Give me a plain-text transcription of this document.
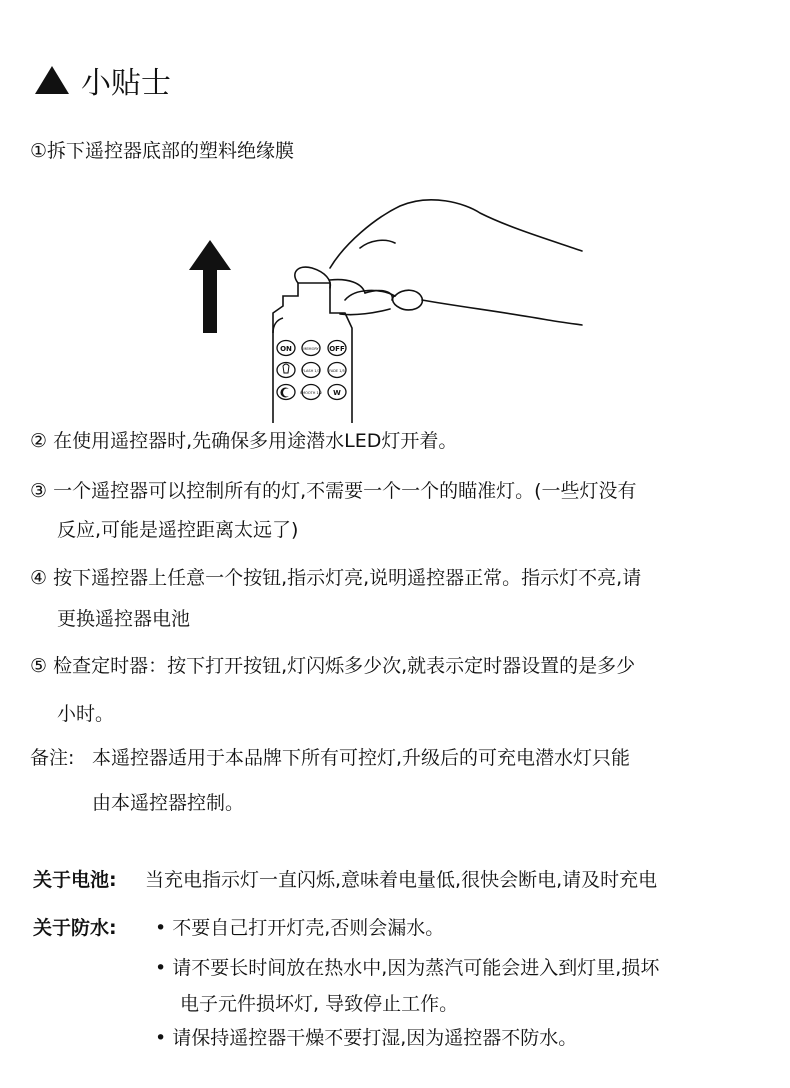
小贴士
①拆下遥控器底部的塑料绝缘膜
ON	MEMORY OFF
FLASH 1/3	FADE 1/5
SMOOTH 1/2 W
② 在使用遥控器时,先确保多用途潜水LED灯开着。
③ 一个遥控器可以控制所有的灯,不需要一个一个的瞄准灯。(一些灯没有
反应,可能是遥控距离太远了)
④ 按下遥控器上任意一个按钮,指示灯亮,说明遥控器正常。指示灯不亮,请
更换遥控器电池
⑤ 检查定时器：按下打开按钮,灯闪烁多少次,就表示定时器设置的是多少
小时。
备注: 本遥控器适用于本品牌下所有可控灯,升级后的可充电潜水灯只能
由本遥控器控制。
关于电池: 当充电指示灯一直闪烁,意味着电量低,很快会断电,请及时充电
关于防水: • 不要自己打开灯壳,否则会漏水。
• 请不要长时间放在热水中,因为蒸汽可能会进入到灯里,损坏
电子元件损坏灯, 导致停止工作。
• 请保持遥控器干燥不要打湿,因为遥控器不防水。
